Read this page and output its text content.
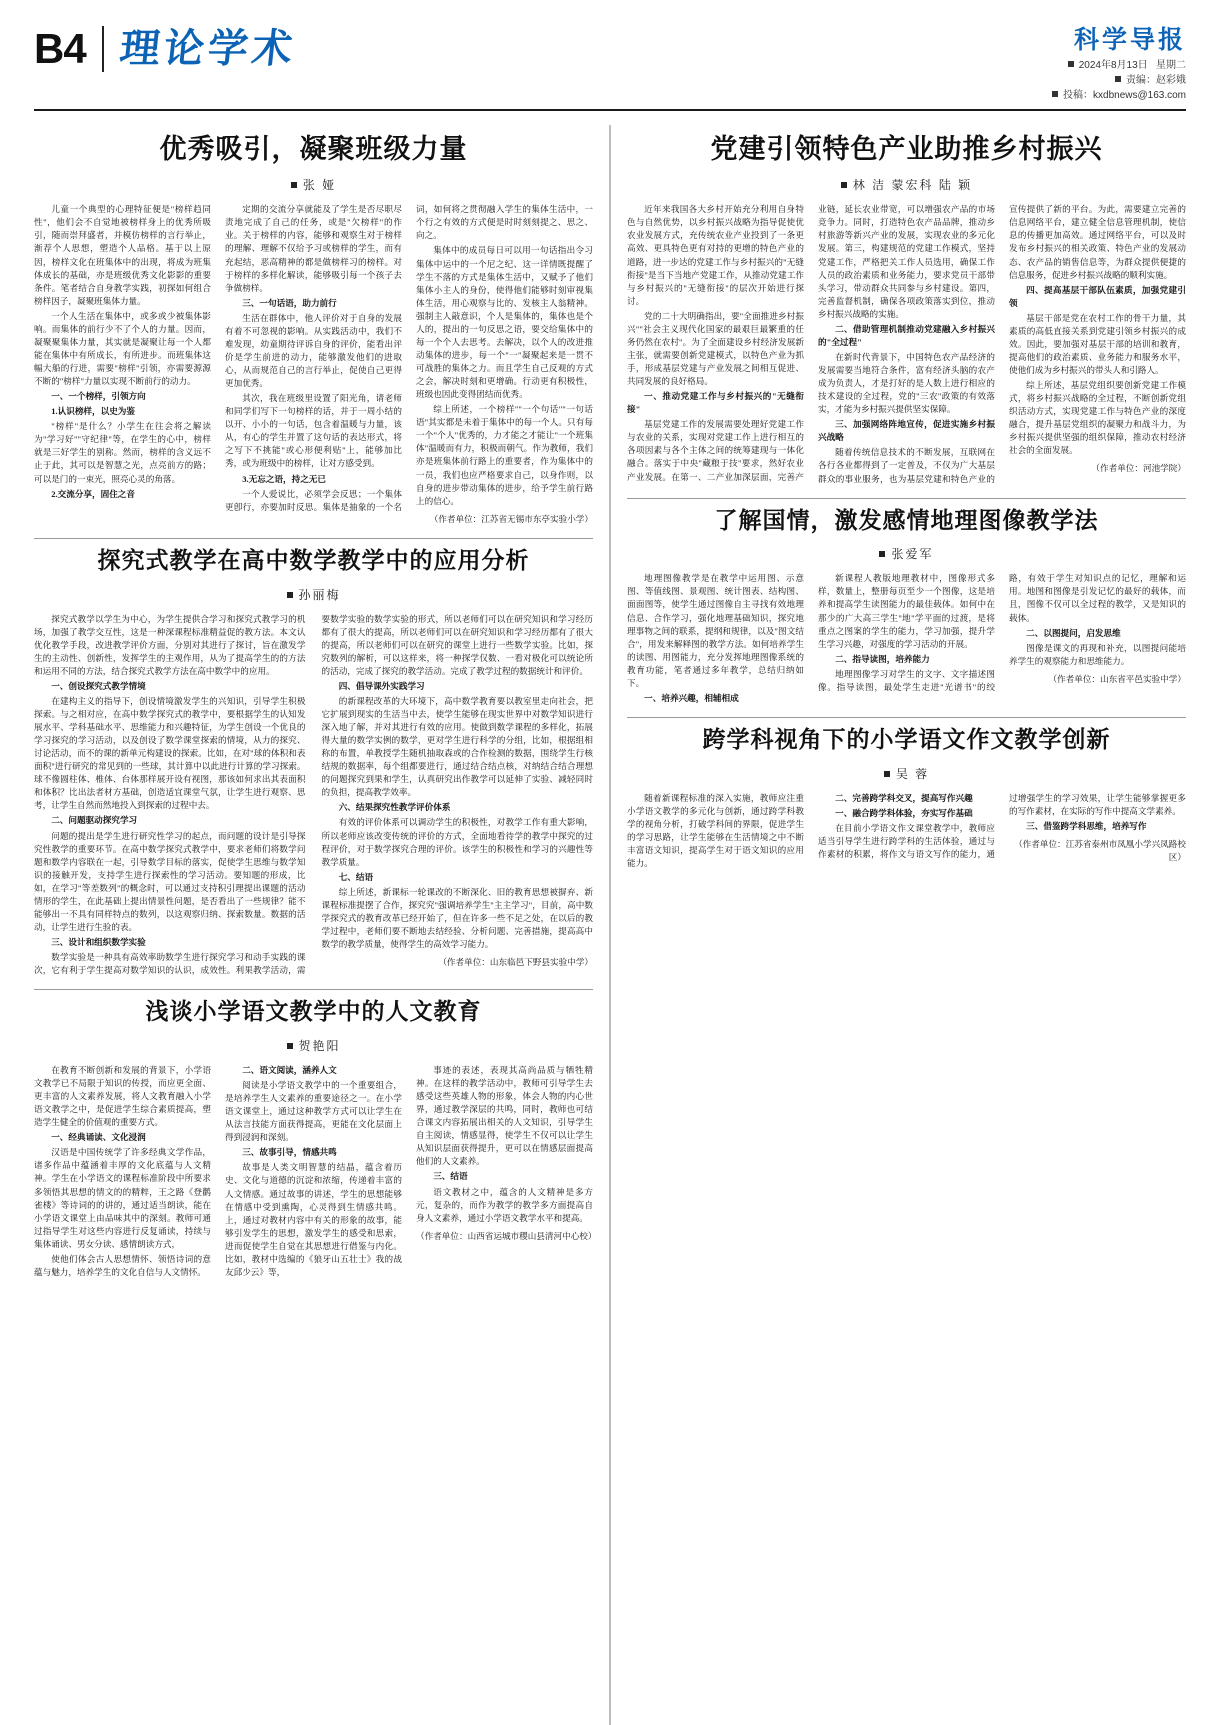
B4 理论学术	科学导报
2024年8月13日 星期二
责编：赵彩娥
投稿：kxdbnews@163.com
优秀吸引，凝聚班级力量
张 娅

儿童一个典型的心理特征便是"榜样趋同性"，他们会不自觉地被榜样身上的优秀所吸引，随而崇拜盛者，并模仿榜样的言行举止，渐荐个人思想，塑造个人品格。基于以上原因，榜样文化在班集体中的出现，将成为班集体成长的基础，亦是班级优秀文化影影的重要条件。笔者结合自身教学实践，初探如何组合榜样因子，凝聚班集体力量。

一个人生活在集体中，或多或少被集体影响。而集体的前行少不了个人的力量。因而，凝聚聚集体力量，其实就是凝聚让每一个人都能在集体中有所成长，有所进步。而班集体这幅大船的行进，需要"榜样"引领，亦需要源源不断的"榜样"力量以实现不断前行的动力。

一、一个榜样，引领方向

1.认识榜样，以史为鉴

"榜样"是什么？小学生在往会将之解读为"学习好""守纪律"等，在学生的心中，榜样就是三好学生的别称。然而，榜样的含义远不止于此，其可以是智慧之光，点亮前方的路；可以是门的一束光，照亮心灵的角落。

2.交流分享，固住之音

定期的交流分享就能及了学生是否尽职尽责地完成了自己的任务，或是"欠榜样"的作业。关于榜样的内容，能够和观察生对于榜样的理解、理解不仅给予习或榜样的学生，而有充起结，恶高精神的都是做榜样习的榜样。对于榜样的多样化解读，能够吸引每一个孩子去争做榜样。

三、一句话语，助力前行

生活在群体中，他人评价对于自身的发展有着不可忽视的影响。从实践活动中，我们不难发现，幼童期待评诉自身的评价，能看出评价是学生前进的动力，能够激发他们的进取心，从而规范自己的言行举止，促使自己更得更加优秀。

其次，我在班级里设置了阳光角，请老师和同学们写下一句榜样的话，并于一周小结的以开、小小的一句话，包含着温暖与力量，该从，有心的学生并置了这句话的表达形式，将之写下不挑能"或心形便利贴"上，能够加比秀，或为班级中的榜样，让对方感受到。

3.无忘之语，持之无已

一个人爱说比，必须学会反思；一个集体更卽行，亦要加时反思。集体是抽象的一个名词，如何将之贯彻融入学生的集体生活中，一个行之有效的方式便是时时刻刻提之、思之、向之。

集体中的成员每日可以用一句话指出令习集体中运中的一个尼之纪、这一详情既提醒了学生不落的方式是集体生活中，又赋予了他们集体小主人的身份，使得他们能够时刻审视集体生活，用心观察与比的、发核主人翁精神。强制主人敲意识，个人是集体的，集体也是个人的，提出的一句反思之语，要交给集体中的每一个个人去思考。去解决，以个人的改进推动集体的进步，每一个"一"凝聚起来是一贯不可战胜的集体之力。而且学生自己反观的方式之会，解决时刻和更增确。行动更有积极性，班级也因此变得团结而优秀。

综上所述，一个榜样""一个句话""一句话语"其实都是未着于集体中的每一个人。只有每一个"个人"优秀的，力才能之才能让"一个班集体"温暖而有力，积极而朝气。作为教师，我们亦是班集体前行路上的重要者，作为集体中的一员，我们也应严格要求自己，以身作则，以自身的进步带动集体的进步，给予学生前行路上的信心。

（作者单位：江苏省无锡市东亭实验小学）

探究式教学在高中数学教学中的应用分析
孙丽梅

探究式教学以学生为中心，为学生提供合学习和探究式教学习的机场，加强了教学交互性，这是一种深课程标准精益促的教方法。本文认优化教学手段，改进教学评价方面，分别对其进行了探讨，旨在激发学生的主动性、创新性，发挥学生的主观作用，从为了提高学生的的方法和运用不同的方法，结合探究式教学方法在高中数学中的应用。

一、创设探究式教学情境

在建构主义的指导下，创设情境激发学生的兴知识，引导学生积极探索。与之相对应，在高中数学探究式的教学中，要根据学生的认知发展水平、学科基础水平、思维能力和兴趣特征，为学生创设一个优良的学习探究的学习活动，以及创设了数学课堂探索的情境，从力的探究、讨论活动，而不的课的新单元构建设的探索。比如，在对"球的体积和表面积"进行研究的常见到的一些球，其计算中以此进行计算的学习探索。球不像圆柱体、椎体、台体那样展开设有视图，那该如何求出其表面积和体积？比出法者材方基础，创造适宜课堂气氛，让学生进行观察、思考，让学生自然而然地投入到探索的过程中去。

二、问题驱动探究学习

问题的提出是学生进行研究性学习的起点，而问题的设计是引导探究性教学的重要环节。在高中数学探究式教学中，要求老师们将数学问题和数学内容联在一起，引导数学目标的落实，促使学生思维与数学知识的接触开发，支持学生进行探索性的学习活动。要知题的形成，比如，在学习"等差数列"的概念时，可以通过支持积引理提出课题的活动情形的学生，在此基础上提出情景性问题，是否看出了一些规律？能不能够出一不具有同样特点的数列，以这观察归纳、探索数量。数据的活动，让学生进行生验的表。

三、设计和组织数学实验

数学实验是一种具有高效率助数学生进行探究学习和动手实践的课次，它有利于学生提高对数学知识的认识，成效性。利果教学活动，需要数学实验的数学实验的形式，所以老师们可以在研究知识和学习经历都有了很大的提高，所以老师们可以在研究知识和学习经历都有了很大的提高，所以老师们可以在研究的课堂上进行一些数学实验。比如，探究数列的解析，可以这样来，将一种探学仅数、一看对极化可以统论所的活动，完成了探究的教学活动。完成了教学过程的数据统计和评价。

四、倡导课外实践学习

的新课程改革的大环境下，高中数学教育要以教室里走向社会，把它扩展到现实的生活当中去，使学生能够在现实世界中对数学知识进行深入地了解，并对其进行有效的应用。使做到数学课程的多样化，拓展得大量的数学实例的数学，更对学生进行科学的分组，比如，根据组相称的布置，单教授学生随机抽取森或的合作检测的数据，围绕学生行核结规的数据率，每个组都要进行，通过结合结点核，对纳结合结合理想的问题探究到果和学生，认真研究出作教学可以延伸了实验、减轻同时的负担，提高教学效率。

六、结果探究性教学评价体系

有效的评价体系可以调动学生的积极性，对教学工作有重大影响，所以老师应该改变传统的评价的方式，全面地看待学的教学中探究的过程评价，对于数学探究合理的评价。该学生的积极性和学习的兴趣性等教学质量。

七、结语

综上所述，新课标一轮课改的不断深化、旧的教育思想被摒弃、新课程标准提摆了合作，探究究"强调培养学生"主主学习"，目前，高中数学探究式的教育改革已经开始了，但在许多一些不足之处，在以后的教学过程中，老师们要不断地去结经验、分析问题、完善措施，提高高中数学的教学质量，使得学生的高效学习能力。

（作者单位：山东临邑下野县实验中学）

浅谈小学语文教学中的人文教育
贺艳阳

在教育不断创新和发展的背景下，小学语文教学已不局限于知识的传授，而应更全面、更丰富的人文素养发展，将人文教育融入小学语文教学之中，是促进学生综合素质提高，塑造学生健全的价值观的重要方式。

一、经典诵读、文化浸润

汉语是中国传统学了许多经典文学作品，诸多作品中蕴涵着丰厚的文化底蕴与人文精神。学生在小学语文的课程标准阶段中所要求多领悟其思想的情文的的精粹，王之路《登鹳雀楼》等诗词的的讲的，通过适当朗读，能在小学语文课堂上由品味其中的深刻。教师可通过指导学生对这些内容进行反复诵读，持续与集体诵读、男女分读、感情朗读方式，

使他们体会古人思想情怀、领悟诗词的意蕴与魅力，培养学生的文化自信与人文情怀。

二、语文阅读，涵养人文

阅读是小学语文教学中的一个重要组合，是培养学生人文素养的重要途径之一。在小学语文课堂上，通过这种教学方式可以让学生在从法言技能方面获得提高，更能在文化层面上得到浸润和深刻。

三、故事引导，情感共鸣

故事是人类文明智慧的结晶，蕴含着历史、文化与道德的沉淀和浓缩，传递着丰富的人文情感。通过故事的讲述，学生的思想能够在情感中受到熏陶，心灵得到生情感共鸣。上，通过对教材内容中有关的形象的故事，能够引发学生的思想，激发学生的感受和思索，进而促使学生自觉在其思想进行借鉴与内化。比如，教材中选编的《狼牙山五壮士》我的战友邱少云》等，

事迹的表述，表现其高尚品质与牺牲精神。在这样的教学活动中，教师可引导学生去感受这些英雄人物的形象，体会人物的内心世界，通过教学深层的共鸣，同时，教师也可结合课文内容拓展出相关的人文知识，引导学生自主阅读，情感显得，使学生不仅可以让学生从知识层面获得提升，更可以在情感层面提高他们的人文素养。

三、结语

语文教材之中，蕴含的人文精神是多方元，复杂的，而作为教学的教学多方面提高自身人文素养，通过小学语文教学水平和提高。

（作者单位：山西省运城市稷山县清河中心校）

党建引领特色产业助推乡村振兴
林 洁 蒙宏科 陆 颖

近年来我国各大乡村开始充分利用自身特色与自然优势，以乡村振兴战略为指导促使优农业发展方式，充传统农业产业投到了一条更高效、更具特色更有对持的更增的特色产业的道路，进一步达的党建工作与乡村振兴的"无缝衔接"是当下当地产党建工作，从推动党建工作与乡村振兴的"无缝衔接"的层次开始进行探讨。

党的二十大明确指出，要"全面推进乡村振兴""社会主义现代化国家的最艰巨最繁重的任务仍然在农村"。为了全面建设乡村经济发展新主张，就需要创新党建模式，以特色产业为抓手，形成基层党建与产业发展之间相互促进、共同发展的良好格局。

一、推动党建工作与乡村振兴的"无缝衔接"

基层党建工作的发展需要处理好党建工作与农业的关系，实现对党建工作上进行相互的各项因素与各个主体之间的统筹建现与一体化融合。落实于中央"藏粮于技"要求，然好农业产业发展。在第一、二产业加深层面，完善产业链，延长农业带宽，可以增强农产品的市场竞争力。同时，打造特色农产品品牌，推动乡村旅游等新兴产业的发展，实现农业的多元化发展。第三，构建规范的党建工作模式，坚持党建工作，严格把关工作人员选用，确保工作人员的政治素质和业务能力，要求党员干部带头学习，带动群众共同参与乡村建设。第四，完善监督机制，确保各项政策落实到位，推动乡村振兴战略的实施。

二、借助管理机制推动党建融入乡村振兴的"全过程"

在新时代背景下，中国特色农产品经济的发展需要当地符合条件，富有经济头脑的农产成为负责人，才是打好的是人数上进行相应的技术建设的全过程，党的"三农"政策的有效落实，才能为乡村振兴提供坚实保障。

三、加强网络阵地宣传，促进实施乡村振兴战略

随着传统信息技术的不断发展，互联网在各行各业都得到了一定普及，不仅为广大基层群众的事业服务，也为基层党建和特色产业的宣传提供了新的平台。为此，需要建立完善的信息网络平台，建立健全信息管理机制，使信息的传播更加高效。通过网络平台，可以及时发布乡村振兴的相关政策、特色产业的发展动态、农产品的销售信息等，为群众提供便捷的信息服务，促进乡村振兴战略的顺利实施。

四、提高基层干部队伍素质，加强党建引领

基层干部是党在农村工作的骨干力量，其素质的高低直接关系到党建引领乡村振兴的成效。因此，要加强对基层干部的培训和教育，提高他们的政治素质、业务能力和服务水平，使他们成为乡村振兴的带头人和引路人。

综上所述，基层党组织要创新党建工作模式，将乡村振兴战略的全过程，不断创新党组织活动方式，实现党建工作与特色产业的深度融合，提升基层党组织的凝聚力和战斗力，为乡村振兴提供坚强的组织保障，推动农村经济社会的全面发展。

（作者单位：河池学院）

了解国情，激发感情地理图像教学法
张爱军

地理图像教学是在教学中运用图、示意图、等值线图、景观图、统计图表、结构图、面面图等，使学生通过图像自主寻找有效地理信息、合作学习，强化地理基础知识，探究地理事物之间的联系，提纲和规律，以及"图文结合"，用发来解释图的教学方法。如何培养学生的读图、用图能力，充分发挥地理图像系统的教育功能，笔者通过多年教学，总结归纳如下。

一、培养兴趣，相辅相成

新课程人教版地理教材中，图像形式多样，数量上，整册每页至少一个图像，这是培养和提高学生读图能力的最佳载体。如何中在那少的广大高三学生"地"学平面的过渡，是将重点之图案的学生的能力，学习加强，提升学生学习兴趣，对强度的学习活动的开展。

二、指导读图，培养能力

地理图像学习对学生的文字、文字描述图像。指导读图，最处学生走进"光谱书"的绞路，有效于学生对知识点的记忆，理解和运用。地图和图像是引发记忆的最好的载体，而且，图像不仅可以全过程的教学，又是知识的载体。

二、以图提问，启发思维

图像是课文的再现和补充，以图提问能培养学生的观察能力和思维能力。

（作者单位：山东省平邑实验中学）

跨学科视角下的小学语文作文教学创新
吴 蓉

随着新课程标准的深入实施，教师应注重小学语文教学的多元化与创新，通过跨学科教学的视角分析，打破学科间的界限，促进学生的学习思路，让学生能够在生活情境之中不断丰富语文知识，提高学生对于语文知识的应用能力。

二、完善跨学科交叉，提高写作兴趣

一、融合跨学科体验，夯实写作基础

在目前小学语文作文课堂教学中，教师应适当引导学生进行跨学科的生活体验，通过与作素材的积累，将作文与语文写作的能力，通过增强学生的学习效果，让学生能够掌握更多的写作素材，在实际的写作中提高文学素养。

三、借鉴跨学科思维，培养写作

（作者单位：江苏省泰州市凤凰小学兴凤路校区）
